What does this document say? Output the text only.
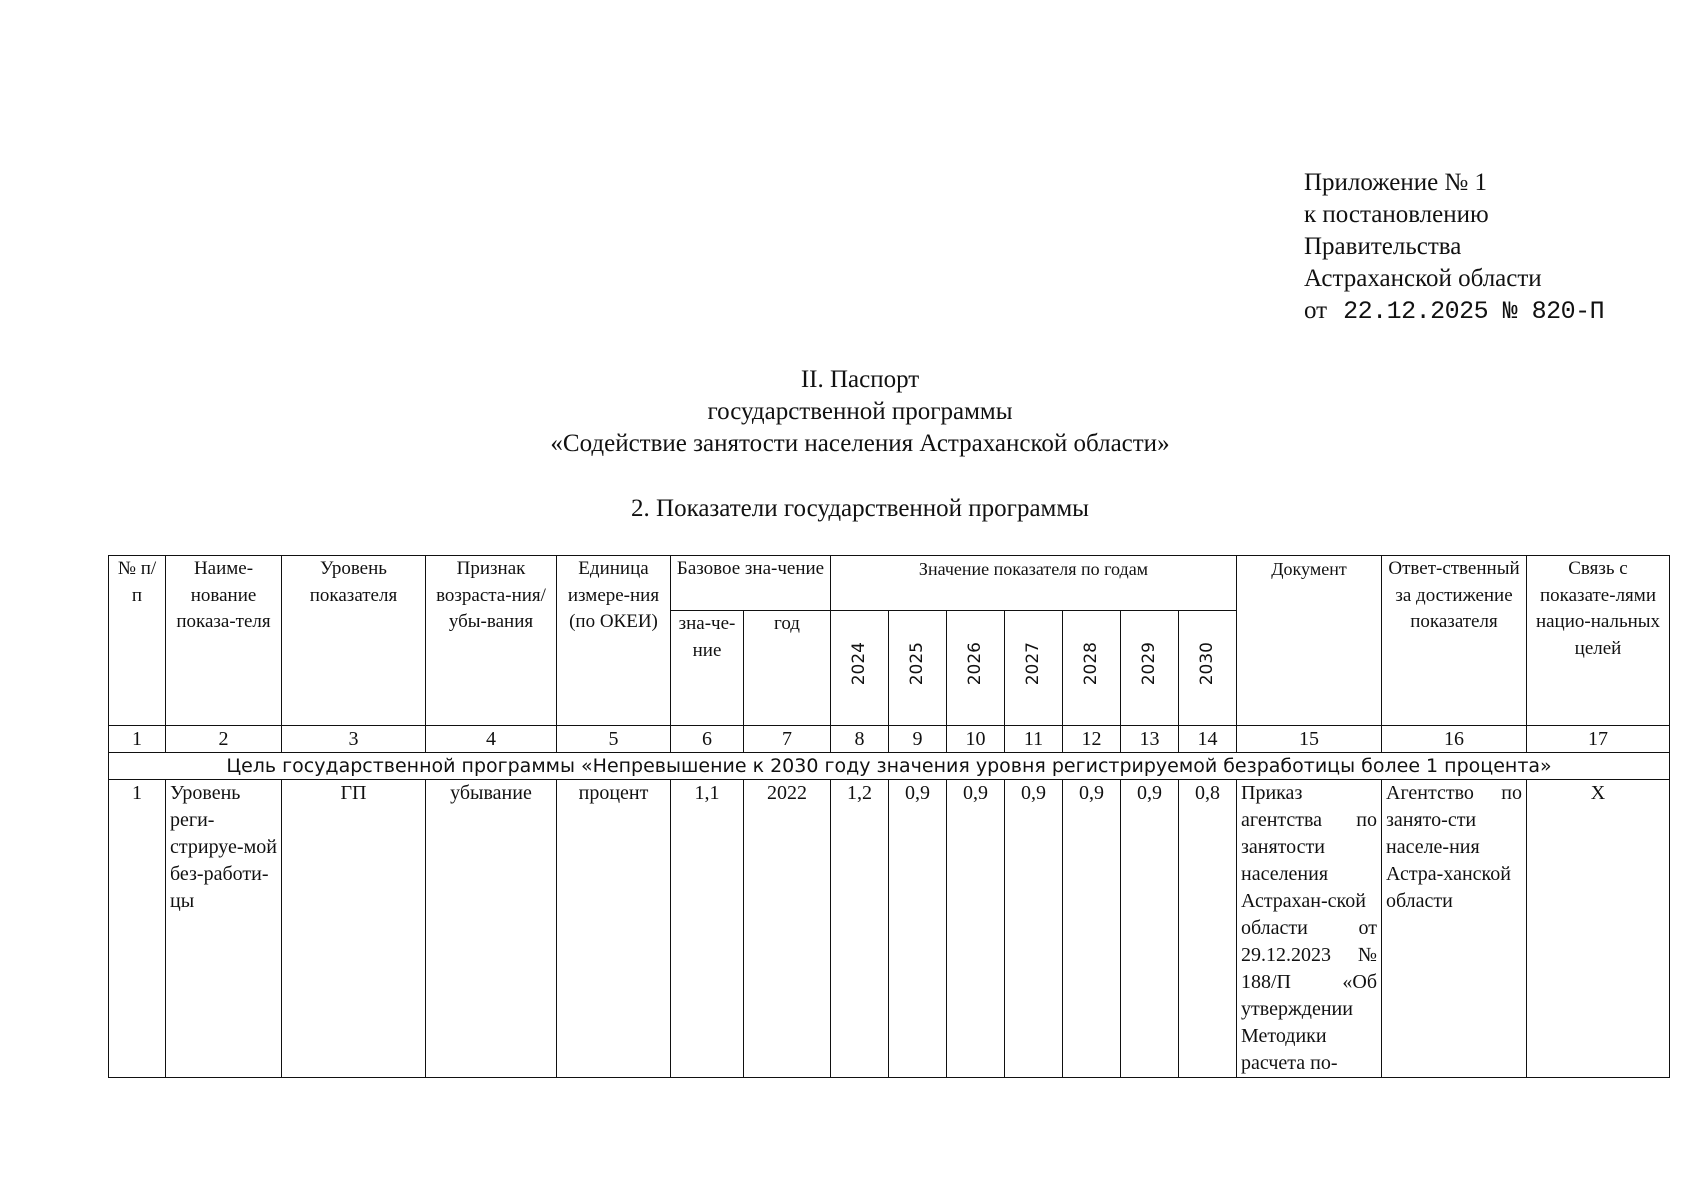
Приложение № 1
к постановлению
Правительства
Астраханской области
от 22.12.2025 № 820-П
II. Паспорт
государственной программы
«Содействие занятости населения Астраханской области»
2. Показатели государственной программы
№ п/п	Наиме-нование показа-теля	Уровень показателя	Признак возраста-ния/убы-вания	Единица измере-ния (по ОКЕИ)	Базовое зна-чение		Значение показателя по годам							Документ	Ответ-ственный за достижение показателя	Связь с показате-лями нацио-нальных целей
					зна-че-ние	год	2024	2025	2026	2027	2028	2029	2030			
1	2	3	4	5	6	7	8	9	10	11	12	13	14	15	16	17
Цель государственной программы «Непревышение к 2030 году значения уровня регистрируемой безработицы более 1 процента»																
1	Уровень реги-стрируе-мой без-работи-цы	ГП	убывание	процент	1,1	2022	1,2	0,9	0,9	0,9	0,9	0,9	0,8	Приказ агентства по занятости населения Астрахан-ской области от 29.12.2023 № 188/П «Об утверждении Методики расчета по-	Агентство по занято-сти населе-ния Астра-ханской области	Х
